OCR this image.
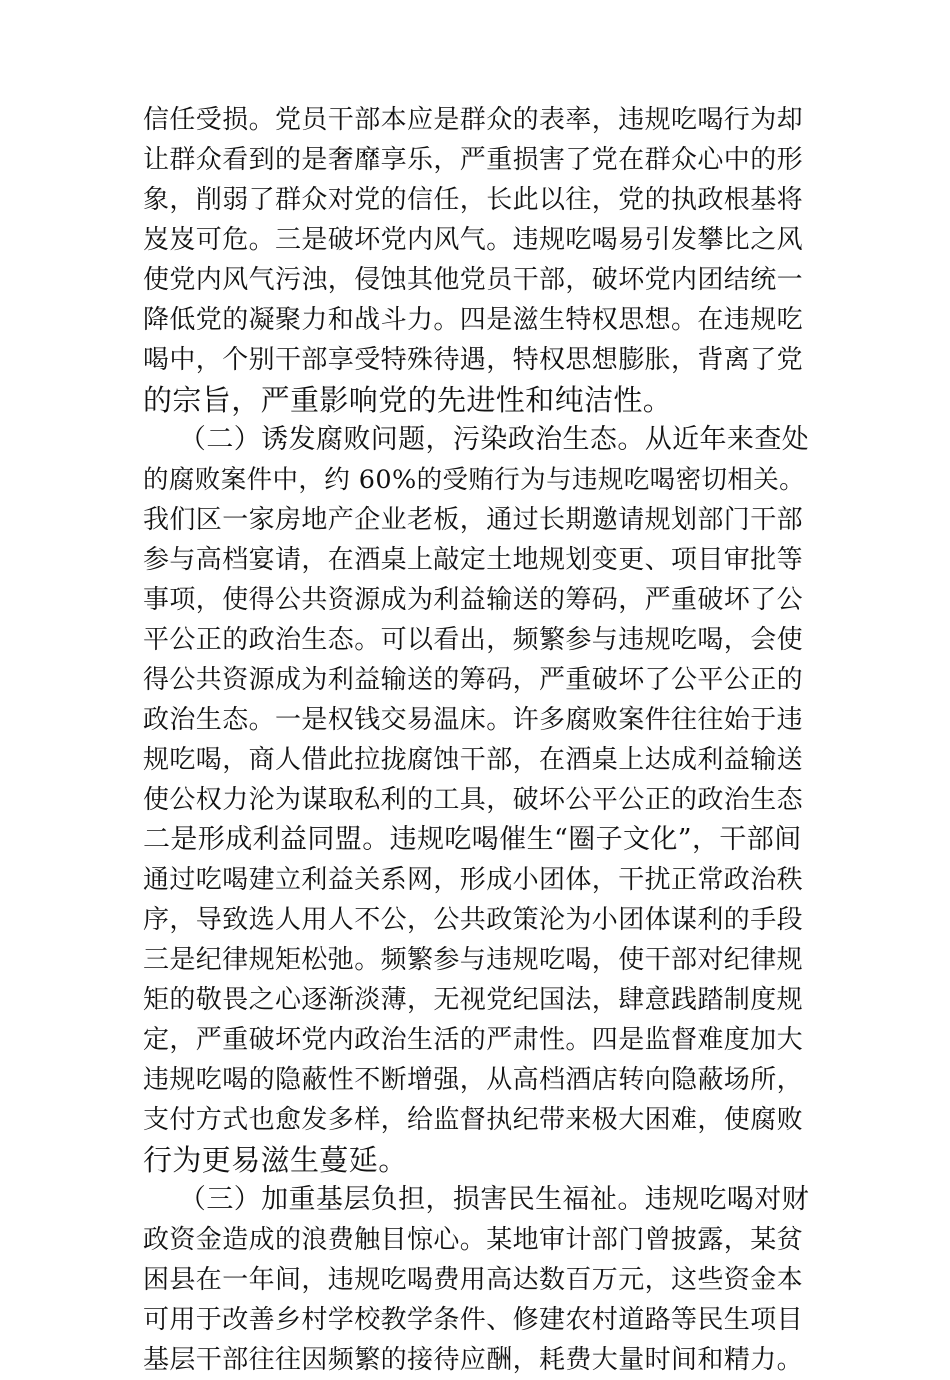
信任受损。党员干部本应是群众的表率，违规吃喝行为却
让群众看到的是奢靡享乐，严重损害了党在群众心中的形
象，削弱了群众对党的信任，长此以往，党的执政根基将
岌岌可危。三是破坏党内风气。违规吃喝易引发攀比之风
使党内风气污浊，侵蚀其他党员干部，破坏党内团结统一
降低党的凝聚力和战斗力。四是滋生特权思想。在违规吃
喝中，个别干部享受特殊待遇，特权思想膨胀，背离了党
的宗旨，严重影响党的先进性和纯洁性。
（二）诱发腐败问题，污染政治生态。从近年来查处
的腐败案件中，约 60%的受贿行为与违规吃喝密切相关。
我们区一家房地产企业老板，通过长期邀请规划部门干部
参与高档宴请，在酒桌上敲定土地规划变更、项目审批等
事项，使得公共资源成为利益输送的筹码，严重破坏了公
平公正的政治生态。可以看出，频繁参与违规吃喝，会使
得公共资源成为利益输送的筹码，严重破坏了公平公正的
政治生态。一是权钱交易温床。许多腐败案件往往始于违
规吃喝，商人借此拉拢腐蚀干部，在酒桌上达成利益输送
使公权力沦为谋取私利的工具，破坏公平公正的政治生态
二是形成利益同盟。违规吃喝催生“圈子文化”，干部间
通过吃喝建立利益关系网，形成小团体，干扰正常政治秩
序，导致选人用人不公，公共政策沦为小团体谋利的手段
三是纪律规矩松弛。频繁参与违规吃喝，使干部对纪律规
矩的敬畏之心逐渐淡薄，无视党纪国法，肆意践踏制度规
定，严重破坏党内政治生活的严肃性。四是监督难度加大
违规吃喝的隐蔽性不断增强，从高档酒店转向隐蔽场所，
支付方式也愈发多样，给监督执纪带来极大困难，使腐败
行为更易滋生蔓延。
（三）加重基层负担，损害民生福祉。违规吃喝对财
政资金造成的浪费触目惊心。某地审计部门曾披露，某贫
困县在一年间，违规吃喝费用高达数百万元，这些资金本
可用于改善乡村学校教学条件、修建农村道路等民生项目
基层干部往往因频繁的接待应酬，耗费大量时间和精力。
